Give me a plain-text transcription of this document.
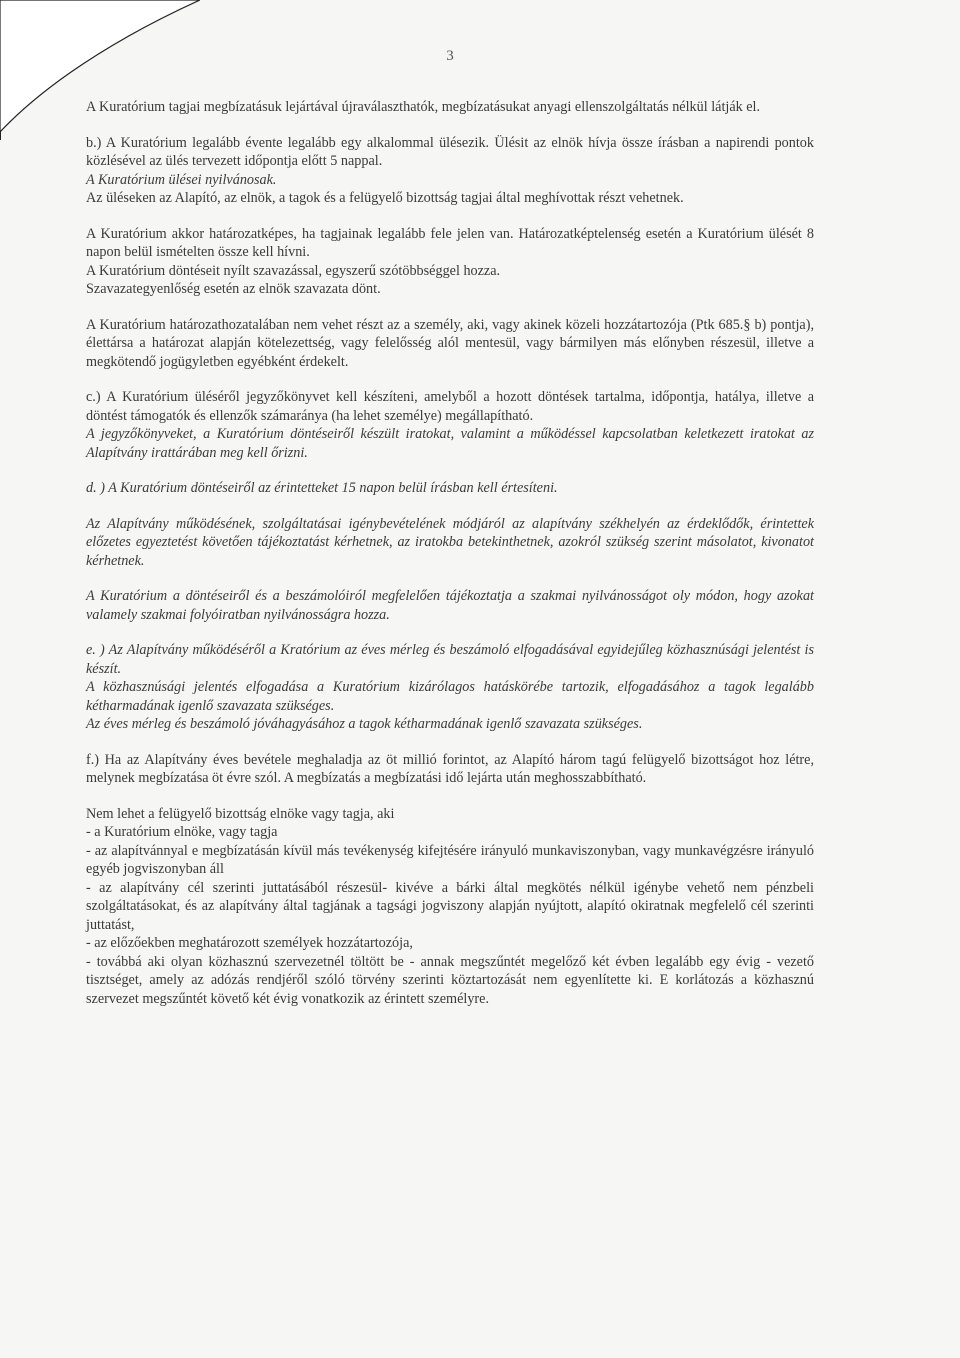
3

A Kuratórium tagjai megbízatásuk lejártával újraválaszthatók, megbízatásukat anyagi ellenszolgáltatás nélkül látják el.

b.) A Kuratórium legalább évente legalább egy alkalommal ülésezik. Ülésit az elnök hívja össze írásban a napirendi pontok közlésével az ülés tervezett időpontja előtt 5 nappal.
A Kuratórium ülései nyilvánosak.
Az üléseken az Alapító, az elnök, a tagok és a felügyelő bizottság tagjai által meghívottak részt vehetnek.

A Kuratórium akkor határozatképes, ha tagjainak legalább fele jelen van. Határozatképtelenség esetén a Kuratórium ülését 8 napon belül ismételten össze kell hívni.
A Kuratórium döntéseit nyílt szavazással, egyszerű szótöbbséggel hozza.
Szavazategyenlőség esetén az elnök szavazata dönt.

A Kuratórium határozathozatalában nem vehet részt az a személy, aki, vagy akinek közeli hozzátartozója (Ptk 685.§ b) pontja), élettársa a határozat alapján kötelezettség, vagy felelősség alól mentesül, vagy bármilyen más előnyben részesül, illetve a megkötendő jogügyletben egyébként érdekelt.

c.) A Kuratórium üléséről jegyzőkönyvet kell készíteni, amelyből a hozott döntések tartalma, időpontja, hatálya, illetve a döntést támogatók és ellenzők számaránya (ha lehet személye) megállapítható.
A jegyzőkönyveket, a Kuratórium döntéseiről készült iratokat, valamint a működéssel kapcsolatban keletkezett iratokat az Alapítvány irattárában meg kell őrizni.

d. ) A Kuratórium döntéseiről az érintetteket 15 napon belül írásban kell értesíteni.

Az Alapítvány működésének, szolgáltatásai igénybevételének módjáról az alapítvány székhelyén az érdeklődők, érintettek előzetes egyeztetést követően tájékoztatást kérhetnek, az iratokba betekinthetnek, azokról szükség szerint másolatot, kivonatot kérhetnek.

A Kuratórium a döntéseiről és a beszámolóiról megfelelően tájékoztatja a szakmai nyilvánosságot oly módon, hogy azokat valamely szakmai folyóiratban nyilvánosságra hozza.

e. ) Az Alapítvány működéséről a Kratórium az éves mérleg és beszámoló elfogadásával egyidejűleg közhasznúsági jelentést is készít.
A közhasznúsági jelentés elfogadása a Kuratórium kizárólagos hatáskörébe tartozik, elfogadásához a tagok legalább kétharmadának igenlő szavazata szükséges.
Az éves mérleg és beszámoló jóváhagyásához a tagok kétharmadának igenlő szavazata szükséges.

f.) Ha az Alapítvány éves bevétele meghaladja az öt millió forintot, az Alapító három tagú felügyelő bizottságot hoz létre, melynek megbízatása öt évre szól. A megbízatás a megbízatási idő lejárta után meghosszabbítható.

Nem lehet a felügyelő bizottság elnöke vagy tagja, aki
- a Kuratórium elnöke, vagy tagja
- az alapítvánnyal e megbízatásán kívül más tevékenység kifejtésére irányuló munkaviszonyban, vagy munkavégzésre irányuló egyéb jogviszonyban áll
- az alapítvány cél szerinti juttatásából részesül- kivéve a bárki által megkötés nélkül igénybe vehető nem pénzbeli szolgáltatásokat, és az alapítvány által tagjának a tagsági jogviszony alapján nyújtott, alapító okiratnak megfelelő cél szerinti juttatást,
- az előzőekben meghatározott személyek hozzátartozója,
- továbbá aki olyan közhasznú szervezetnél töltött be - annak megszűntét megelőző két évben legalább egy évig - vezető tisztséget, amely az adózás rendjéről szóló törvény szerinti köztartozását nem egyenlítette ki. E korlátozás a közhasznú szervezet megszűntét követő két évig vonatkozik az érintett személyre.
